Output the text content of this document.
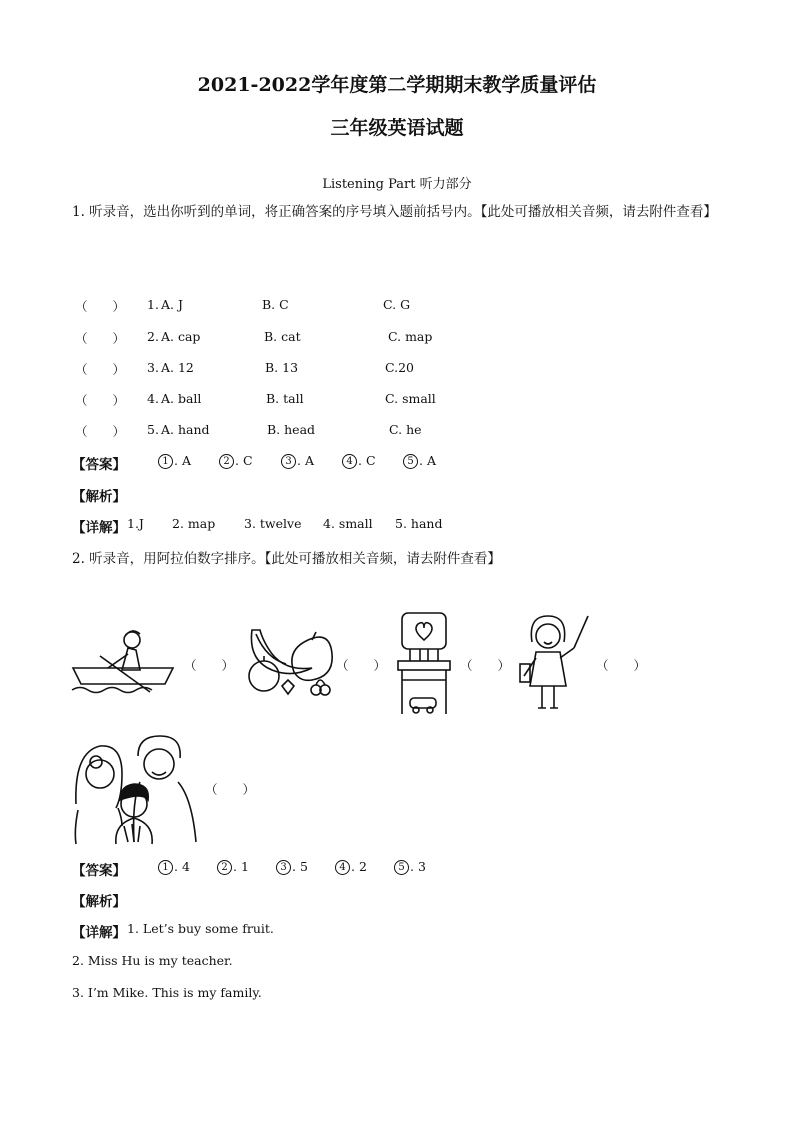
2021-2022学年度第二学期期末教学质量评估
三年级英语试题
Listening Part 听力部分
1. 听录音，选出你听到的单词，将正确答案的序号填入题前括号内。【此处可播放相关音频，请去附件查看】
（　　） 1. A. J	B. C	C. G
（　　） 2. A. cap	B. cat	C. map
（　　） 3. A. 12	B. 13	C.20
（　　） 4. A. ball	B. tall	C. small
（　　） 5. A. hand	B. head	C. he
【答案】	1 . A	2 . C	3 . A	4 . C	5 . A
【解析】
【详解】 1.J 2. map 3. twelve 4. small 5. hand
2. 听录音，用阿拉伯数字排序。【此处可播放相关音频，请去附件查看】
（　　）	（　　）	（　　）	（　　）
（　　）
【答案】	1 . 4	2 . 1	3 . 5	4 . 2	5 . 3
【解析】
【详解】 1. Let’s buy some fruit.
2. Miss Hu is my teacher.
3. I’m Mike. This is my family.
